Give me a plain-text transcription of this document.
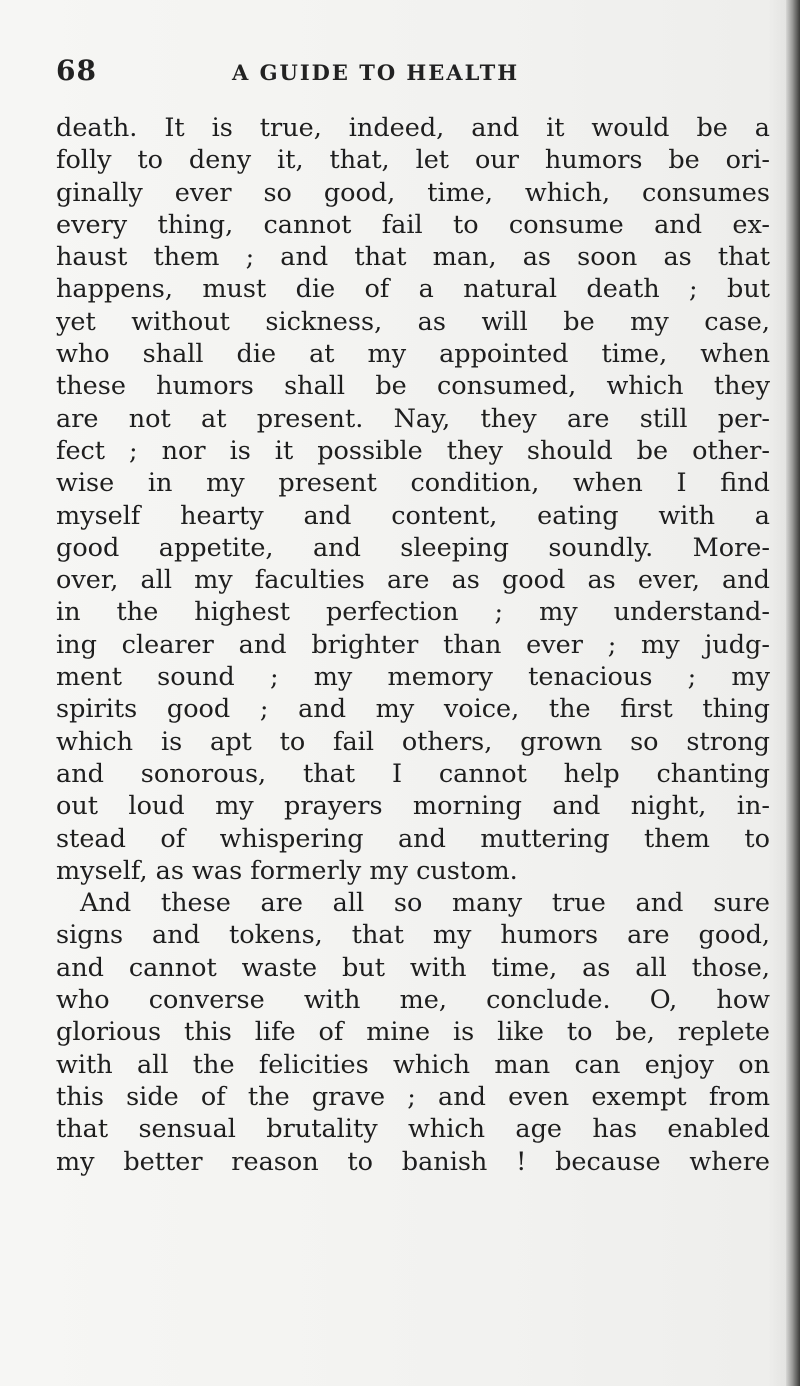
68	A GUIDE TO HEALTH
death. It is true, indeed, and it would be a
folly to deny it, that, let our humors be ori-
ginally ever so good, time, which, consumes
every thing, cannot fail to consume and ex-
haust them ; and that man, as soon as that
happens, must die of a natural death ; but
yet without sickness, as will be my case,
who shall die at my appointed time, when
these humors shall be consumed, which they
are not at present. Nay, they are still per-
fect ; nor is it possible they should be other-
wise in my present condition, when I find
myself hearty and content, eating with a
good appetite, and sleeping soundly. More-
over, all my faculties are as good as ever, and
in the highest perfection ; my understand-
ing clearer and brighter than ever ; my judg-
ment sound ; my memory tenacious ; my
spirits good ; and my voice, the first thing
which is apt to fail others, grown so strong
and sonorous, that I cannot help chanting
out loud my prayers morning and night, in-
stead of whispering and muttering them to
myself, as was formerly my custom.
And these are all so many true and sure
signs and tokens, that my humors are good,
and cannot waste but with time, as all those,
who converse with me, conclude. O, how
glorious this life of mine is like to be, replete
with all the felicities which man can enjoy on
this side of the grave ; and even exempt from
that sensual brutality which age has enabled
my better reason to banish ! because where
